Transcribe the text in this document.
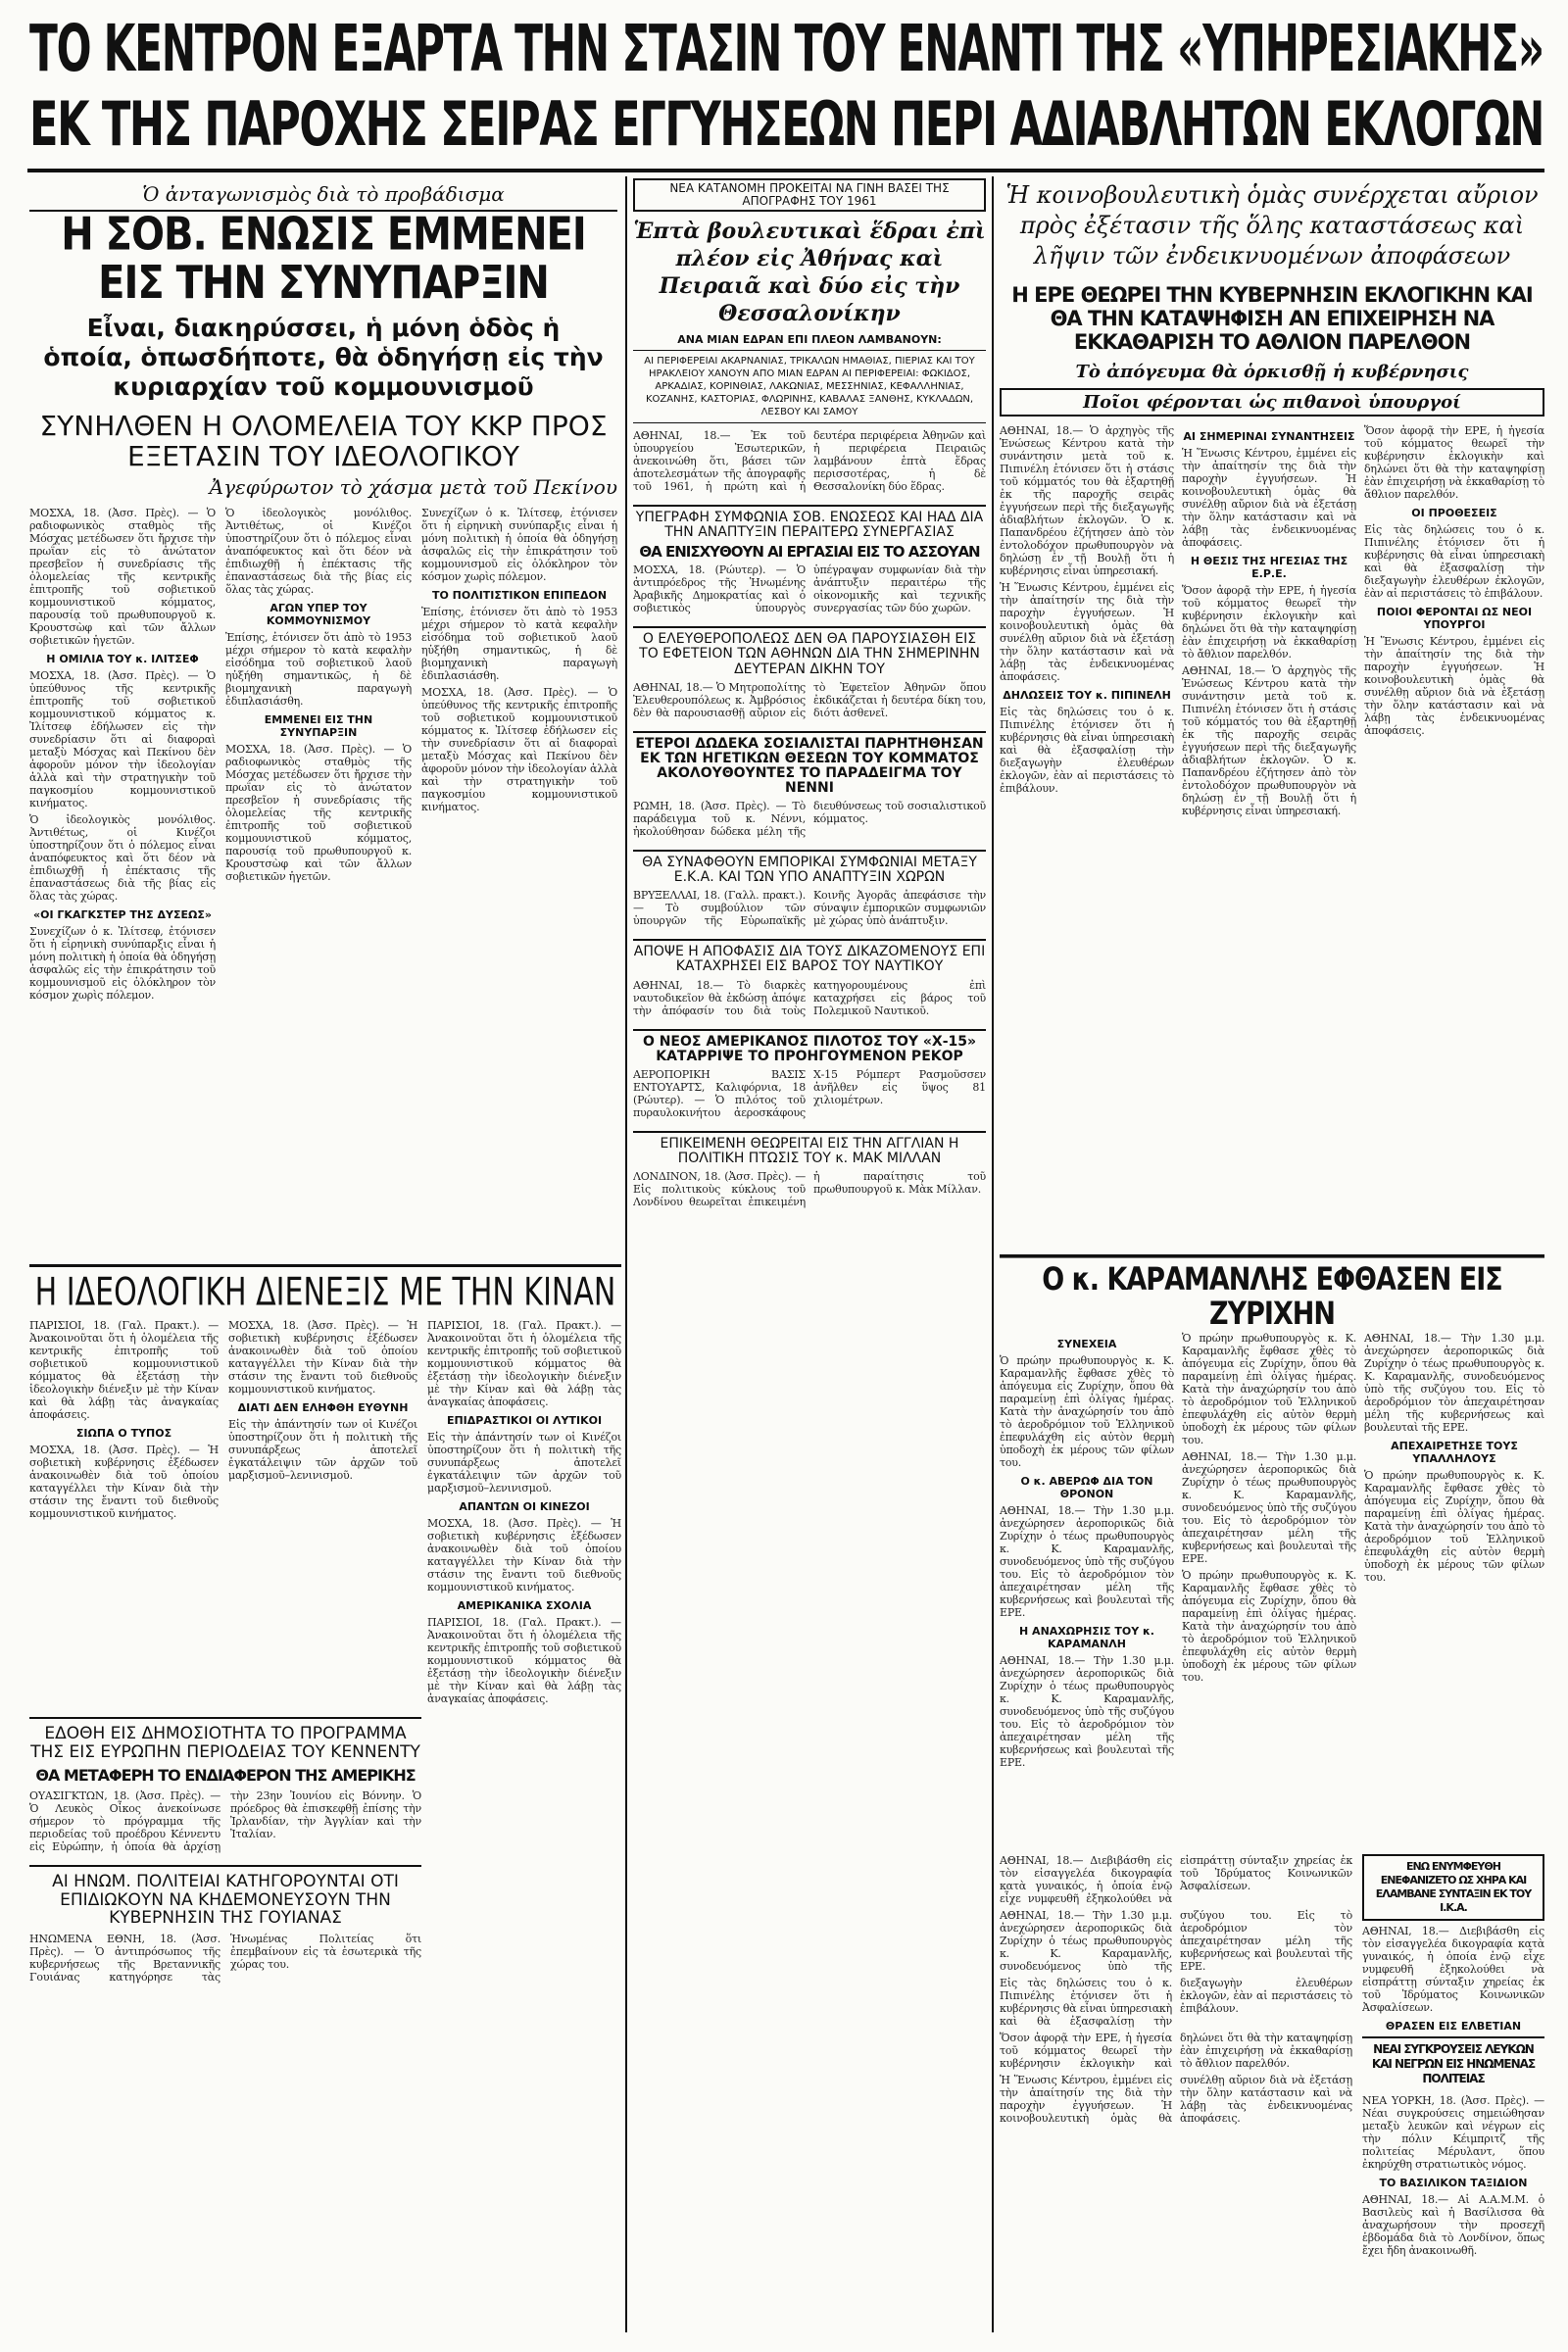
ΤΟ ΚΕΝΤΡΟΝ ΕΞΑΡΤΑ ΤΗΝ ΣΤΑΣΙΝ ΤΟΥ ΕΝΑΝΤΙ ΤΗΣ «ΥΠΗΡΕΣΙΑΚΗΣ»
ΕΚ ΤΗΣ ΠΑΡΟΧΗΣ ΣΕΙΡΑΣ ΕΓΓΥΗΣΕΩΝ ΠΕΡΙ ΑΔΙΑΒΛΗΤΩΝ ΕΚΛΟΓΩΝ
Ὁ ἀνταγωνισμὸς διὰ τὸ προβάδισμα
Η ΣΟΒ. ΕΝΩΣΙΣ ΕΜΜΕΝΕΙ ΕΙΣ ΤΗΝ ΣΥΝΥΠΑΡΞΙΝ
Εἶναι, διακηρύσσει, ἡ μόνη ὁδὸς ἡ ὁποία, ὁπωσδήποτε, θὰ ὁδηγήσῃ εἰς τὴν κυριαρχίαν τοῦ κομμουνισμοῦ
ΣΥΝΗΛΘΕΝ Η ΟΛΟΜΕΛΕΙΑ ΤΟΥ ΚΚΡ ΠΡΟΣ ΕΞΕΤΑΣΙΝ ΤΟΥ ΙΔΕΟΛΟΓΙΚΟΥ
Ἀγεφύρωτον τὸ χάσμα μετὰ τοῦ Πεκίνου
ΜΟΣΧΑ, 18. (Ἀσσ. Πρὲς). — Ὁ ραδιοφωνικὸς σταθμὸς τῆς Μόσχας μετέδωσεν ὅτι ἤρχισε τὴν πρωΐαν εἰς τὸ ἀνώτατον πρεσβεῖον ἡ συνεδρίασις τῆς ὁλομελείας τῆς κεντρικῆς ἐπιτροπῆς τοῦ σοβιετικοῦ κομμουνιστικοῦ κόμματος, παρουσίᾳ τοῦ πρωθυπουργοῦ κ. Κρουστσὼφ καὶ τῶν ἄλλων σοβιετικῶν ἡγετῶν.
Η ΟΜΙΛΙΑ ΤΟΥ κ. ΙΛΙΤΣΕΦ
ΜΟΣΧΑ, 18. (Ἀσσ. Πρὲς). — Ὁ ὑπεύθυνος τῆς κεντρικῆς ἐπιτροπῆς τοῦ σοβιετικοῦ κομμουνιστικοῦ κόμματος κ. Ἰλίτσεφ ἐδήλωσεν εἰς τὴν συνεδρίασιν ὅτι αἱ διαφοραὶ μεταξὺ Μόσχας καὶ Πεκίνου δὲν ἀφοροῦν μόνον τὴν ἰδεολογίαν ἀλλὰ καὶ τὴν στρατηγικὴν τοῦ παγκοσμίου κομμουνιστικοῦ κινήματος.
Ὁ ἰδεολογικὸς μονόλιθος. Ἀντιθέτως, οἱ Κινέζοι ὑποστηρίζουν ὅτι ὁ πόλεμος εἶναι ἀναπόφευκτος καὶ ὅτι δέον νὰ ἐπιδιωχθῇ ἡ ἐπέκτασις τῆς ἐπαναστάσεως διὰ τῆς βίας εἰς ὅλας τὰς χώρας.
«ΟΙ ΓΚΑΓΚΣΤΕΡ ΤΗΣ ΔΥΣΕΩΣ»
Συνεχίζων ὁ κ. Ἰλίτσεφ, ἐτόνισεν ὅτι ἡ εἰρηνικὴ συνύπαρξις εἶναι ἡ μόνη πολιτικὴ ἡ ὁποία θὰ ὁδηγήσῃ ἀσφαλῶς εἰς τὴν ἐπικράτησιν τοῦ κομμουνισμοῦ εἰς ὁλόκληρον τὸν κόσμον χωρὶς πόλεμον.
Ὁ ἰδεολογικὸς μονόλιθος. Ἀντιθέτως, οἱ Κινέζοι ὑποστηρίζουν ὅτι ὁ πόλεμος εἶναι ἀναπόφευκτος καὶ ὅτι δέον νὰ ἐπιδιωχθῇ ἡ ἐπέκτασις τῆς ἐπαναστάσεως διὰ τῆς βίας εἰς ὅλας τὰς χώρας.
ΑΓΩΝ ΥΠΕΡ ΤΟΥ ΚΟΜΜΟΥΝΙΣΜΟΥ
Ἐπίσης, ἐτόνισεν ὅτι ἀπὸ τὸ 1953 μέχρι σήμερον τὸ κατὰ κεφαλὴν εἰσόδημα τοῦ σοβιετικοῦ λαοῦ ηὐξήθη σημαντικῶς, ἡ δὲ βιομηχανικὴ παραγωγὴ ἐδιπλασιάσθη.
ΕΜΜΕΝΕΙ ΕΙΣ ΤΗΝ ΣΥΝΥΠΑΡΞΙΝ
ΜΟΣΧΑ, 18. (Ἀσσ. Πρὲς). — Ὁ ραδιοφωνικὸς σταθμὸς τῆς Μόσχας μετέδωσεν ὅτι ἤρχισε τὴν πρωΐαν εἰς τὸ ἀνώτατον πρεσβεῖον ἡ συνεδρίασις τῆς ὁλομελείας τῆς κεντρικῆς ἐπιτροπῆς τοῦ σοβιετικοῦ κομμουνιστικοῦ κόμματος, παρουσίᾳ τοῦ πρωθυπουργοῦ κ. Κρουστσὼφ καὶ τῶν ἄλλων σοβιετικῶν ἡγετῶν.
Συνεχίζων ὁ κ. Ἰλίτσεφ, ἐτόνισεν ὅτι ἡ εἰρηνικὴ συνύπαρξις εἶναι ἡ μόνη πολιτικὴ ἡ ὁποία θὰ ὁδηγήσῃ ἀσφαλῶς εἰς τὴν ἐπικράτησιν τοῦ κομμουνισμοῦ εἰς ὁλόκληρον τὸν κόσμον χωρὶς πόλεμον.
ΤΟ ΠΟΛΙΤΙΣΤΙΚΟΝ ΕΠΙΠΕΔΟΝ
Ἐπίσης, ἐτόνισεν ὅτι ἀπὸ τὸ 1953 μέχρι σήμερον τὸ κατὰ κεφαλὴν εἰσόδημα τοῦ σοβιετικοῦ λαοῦ ηὐξήθη σημαντικῶς, ἡ δὲ βιομηχανικὴ παραγωγὴ ἐδιπλασιάσθη.
ΜΟΣΧΑ, 18. (Ἀσσ. Πρὲς). — Ὁ ὑπεύθυνος τῆς κεντρικῆς ἐπιτροπῆς τοῦ σοβιετικοῦ κομμουνιστικοῦ κόμματος κ. Ἰλίτσεφ ἐδήλωσεν εἰς τὴν συνεδρίασιν ὅτι αἱ διαφοραὶ μεταξὺ Μόσχας καὶ Πεκίνου δὲν ἀφοροῦν μόνον τὴν ἰδεολογίαν ἀλλὰ καὶ τὴν στρατηγικὴν τοῦ παγκοσμίου κομμουνιστικοῦ κινήματος.
Η ΙΔΕΟΛΟΓΙΚΗ ΔΙΕΝΕΞΙΣ ΜΕ ΤΗΝ ΚΙΝΑΝ
ΠΑΡΙΣΙΟΙ, 18. (Γαλ. Πρακτ.). — Ἀνακοινοῦται ὅτι ἡ ὁλομέλεια τῆς κεντρικῆς ἐπιτροπῆς τοῦ σοβιετικοῦ κομμουνιστικοῦ κόμματος θὰ ἐξετάσῃ τὴν ἰδεολογικὴν διένεξιν μὲ τὴν Κίναν καὶ θὰ λάβῃ τὰς ἀναγκαίας ἀποφάσεις.
ΣΙΩΠΑ Ο ΤΥΠΟΣ
ΜΟΣΧΑ, 18. (Ἀσσ. Πρὲς). — Ἡ σοβιετικὴ κυβέρνησις ἐξέδωσεν ἀνακοινωθὲν διὰ τοῦ ὁποίου καταγγέλλει τὴν Κίναν διὰ τὴν στάσιν της ἔναντι τοῦ διεθνοῦς κομμουνιστικοῦ κινήματος.
ΜΟΣΧΑ, 18. (Ἀσσ. Πρὲς). — Ἡ σοβιετικὴ κυβέρνησις ἐξέδωσεν ἀνακοινωθὲν διὰ τοῦ ὁποίου καταγγέλλει τὴν Κίναν διὰ τὴν στάσιν της ἔναντι τοῦ διεθνοῦς κομμουνιστικοῦ κινήματος.
ΔΙΑΤΙ ΔΕΝ ΕΛΗΦΘΗ ΕΥΘΥΝΗ
Εἰς τὴν ἀπάντησίν των οἱ Κινέζοι ὑποστηρίζουν ὅτι ἡ πολιτικὴ τῆς συνυπάρξεως ἀποτελεῖ ἐγκατάλειψιν τῶν ἀρχῶν τοῦ μαρξισμοῦ–λενινισμοῦ.
ΠΑΡΙΣΙΟΙ, 18. (Γαλ. Πρακτ.). — Ἀνακοινοῦται ὅτι ἡ ὁλομέλεια τῆς κεντρικῆς ἐπιτροπῆς τοῦ σοβιετικοῦ κομμουνιστικοῦ κόμματος θὰ ἐξετάσῃ τὴν ἰδεολογικὴν διένεξιν μὲ τὴν Κίναν καὶ θὰ λάβῃ τὰς ἀναγκαίας ἀποφάσεις.
ΕΠΙΔΡΑΣΤΙΚΟΙ ΟΙ ΛΥΤΙΚΟΙ
Εἰς τὴν ἀπάντησίν των οἱ Κινέζοι ὑποστηρίζουν ὅτι ἡ πολιτικὴ τῆς συνυπάρξεως ἀποτελεῖ ἐγκατάλειψιν τῶν ἀρχῶν τοῦ μαρξισμοῦ–λενινισμοῦ.
ΑΠΑΝΤΩΝ ΟΙ ΚΙΝΕΖΟΙ
ΜΟΣΧΑ, 18. (Ἀσσ. Πρὲς). — Ἡ σοβιετικὴ κυβέρνησις ἐξέδωσεν ἀνακοινωθὲν διὰ τοῦ ὁποίου καταγγέλλει τὴν Κίναν διὰ τὴν στάσιν της ἔναντι τοῦ διεθνοῦς κομμουνιστικοῦ κινήματος.
ΑΜΕΡΙΚΑΝΙΚΑ ΣΧΟΛΙΑ
ΠΑΡΙΣΙΟΙ, 18. (Γαλ. Πρακτ.). — Ἀνακοινοῦται ὅτι ἡ ὁλομέλεια τῆς κεντρικῆς ἐπιτροπῆς τοῦ σοβιετικοῦ κομμουνιστικοῦ κόμματος θὰ ἐξετάσῃ τὴν ἰδεολογικὴν διένεξιν μὲ τὴν Κίναν καὶ θὰ λάβῃ τὰς ἀναγκαίας ἀποφάσεις.
ΕΔΟΘΗ ΕΙΣ ΔΗΜΟΣΙΟΤΗΤΑ ΤΟ ΠΡΟΓΡΑΜΜΑ ΤΗΣ ΕΙΣ ΕΥΡΩΠΗΝ ΠΕΡΙΟΔΕΙΑΣ ΤΟΥ ΚΕΝΝΕΝΤΥ
ΘΑ ΜΕΤΑΦΕΡΗ ΤΟ ΕΝΔΙΑΦΕΡΟΝ ΤΗΣ ΑΜΕΡΙΚΗΣ
ΟΥΑΣΙΓΚΤΩΝ, 18. (Ἀσσ. Πρὲς). — Ὁ Λευκὸς Οἶκος ἀνεκοίνωσε σήμερον τὸ πρόγραμμα τῆς περιοδείας τοῦ προέδρου Κέννεντυ εἰς Εὐρώπην, ἡ ὁποία θὰ ἀρχίσῃ τὴν 23ην Ἰουνίου εἰς Βόννην. Ὁ πρόεδρος θὰ ἐπισκεφθῇ ἐπίσης τὴν Ἰρλανδίαν, τὴν Ἀγγλίαν καὶ τὴν Ἰταλίαν.
ΑΙ ΗΝΩΜ. ΠΟΛΙΤΕΙΑΙ ΚΑΤΗΓΟΡΟΥΝΤΑΙ ΟΤΙ ΕΠΙΔΙΩΚΟΥΝ ΝΑ ΚΗΔΕΜΟΝΕΥΣΟΥΝ ΤΗΝ ΚΥΒΕΡΝΗΣΙΝ ΤΗΣ ΓΟΥΙΑΝΑΣ
ΗΝΩΜΕΝΑ ΕΘΝΗ, 18. (Ἀσσ. Πρὲς). — Ὁ ἀντιπρόσωπος τῆς κυβερνήσεως τῆς Βρεταννικῆς Γουιάνας κατηγόρησε τὰς Ἡνωμένας Πολιτείας ὅτι ἐπεμβαίνουν εἰς τὰ ἐσωτερικὰ τῆς χώρας του.
ΝΕΑ ΚΑΤΑΝΟΜΗ ΠΡΟΚΕΙΤΑΙ ΝΑ ΓΙΝΗ ΒΑΣΕΙ ΤΗΣ ΑΠΟΓΡΑΦΗΣ ΤΟΥ 1961
Ἑπτὰ βουλευτικαὶ ἕδραι ἐπὶ πλέον εἰς Ἀθήνας καὶ Πειραιᾶ καὶ δύο εἰς τὴν Θεσσαλονίκην
ΑΝΑ ΜΙΑΝ ΕΔΡΑΝ ΕΠΙ ΠΛΕΟΝ ΛΑΜΒΑΝΟΥΝ:
ΑΙ ΠΕΡΙΦΕΡΕΙΑΙ ΑΚΑΡΝΑΝΙΑΣ, ΤΡΙΚΑΛΩΝ ΗΜΑΘΙΑΣ, ΠΙΕΡΙΑΣ ΚΑΙ ΤΟΥ ΗΡΑΚΛΕΙΟΥ ΧΑΝΟΥΝ ΑΠΟ ΜΙΑΝ ΕΔΡΑΝ ΑΙ ΠΕΡΙΦΕΡΕΙΑΙ: ΦΩΚΙΔΟΣ, ΑΡΚΑΔΙΑΣ, ΚΟΡΙΝΘΙΑΣ, ΛΑΚΩΝΙΑΣ, ΜΕΣΣΗΝΙΑΣ, ΚΕΦΑΛΛΗΝΙΑΣ, ΚΟΖΑΝΗΣ, ΚΑΣΤΟΡΙΑΣ, ΦΛΩΡΙΝΗΣ, ΚΑΒΑΛΑΣ ΞΑΝΘΗΣ, ΚΥΚΛΑΔΩΝ, ΛΕΣΒΟΥ ΚΑΙ ΣΑΜΟΥ
ΑΘΗΝΑΙ, 18.— Ἐκ τοῦ ὑπουργείου Ἐσωτερικῶν, ἀνεκοινώθη ὅτι, βάσει τῶν ἀποτελεσμάτων τῆς ἀπογραφῆς τοῦ 1961, ἡ πρώτη καὶ ἡ δευτέρα περιφέρεια Ἀθηνῶν καὶ ἡ περιφέρεια Πειραιῶς λαμβάνουν ἑπτὰ ἕδρας περισσοτέρας, ἡ δὲ Θεσσαλονίκη δύο ἕδρας.
ΥΠΕΓΡΑΦΗ ΣΥΜΦΩΝΙΑ ΣΟΒ. ΕΝΩΣΕΩΣ ΚΑΙ ΗΑΔ ΔΙΑ ΤΗΝ ΑΝΑΠΤΥΞΙΝ ΠΕΡΑΙΤΕΡΩ ΣΥΝΕΡΓΑΣΙΑΣ
ΘΑ ΕΝΙΣΧΥΘΟΥΝ ΑΙ ΕΡΓΑΣΙΑΙ ΕΙΣ ΤΟ ΑΣΣΟΥΑΝ
ΜΟΣΧΑ, 18. (Ρώυτερ). — Ὁ ἀντιπρόεδρος τῆς Ἡνωμένης Ἀραβικῆς Δημοκρατίας καὶ ὁ σοβιετικὸς ὑπουργὸς ὑπέγραψαν συμφωνίαν διὰ τὴν ἀνάπτυξιν περαιτέρω τῆς οἰκονομικῆς καὶ τεχνικῆς συνεργασίας τῶν δύο χωρῶν.
Ο ΕΛΕΥΘΕΡΟΠΟΛΕΩΣ ΔΕΝ ΘΑ ΠΑΡΟΥΣΙΑΣΘΗ ΕΙΣ ΤΟ ΕΦΕΤΕΙΟΝ ΤΩΝ ΑΘΗΝΩΝ ΔΙΑ ΤΗΝ ΣΗΜΕΡΙΝΗΝ ΔΕΥΤΕΡΑΝ ΔΙΚΗΝ ΤΟΥ
ΑΘΗΝΑΙ, 18.— Ὁ Μητροπολίτης Ἐλευθερουπόλεως κ. Ἀμβρόσιος δὲν θὰ παρουσιασθῇ αὔριον εἰς τὸ Ἐφετεῖον Ἀθηνῶν ὅπου ἐκδικάζεται ἡ δευτέρα δίκη του, διότι ἀσθενεῖ.
ΕΤΕΡΟΙ ΔΩΔΕΚΑ ΣΟΣΙΑΛΙΣΤΑΙ ΠΑΡΗΤΗΘΗΣΑΝ ΕΚ ΤΩΝ ΗΓΕΤΙΚΩΝ ΘΕΣΕΩΝ ΤΟΥ ΚΟΜΜΑΤΟΣ ΑΚΟΛΟΥΘΟΥΝΤΕΣ ΤΟ ΠΑΡΑΔΕΙΓΜΑ ΤΟΥ ΝΕΝΝΙ
ΡΩΜΗ, 18. (Ἀσσ. Πρὲς). — Τὸ παράδειγμα τοῦ κ. Νέννι, ἠκολούθησαν δώδεκα μέλη τῆς διευθύνσεως τοῦ σοσιαλιστικοῦ κόμματος.
ΘΑ ΣΥΝΑΦΘΟΥΝ ΕΜΠΟΡΙΚΑΙ ΣΥΜΦΩΝΙΑΙ ΜΕΤΑΞΥ Ε.Κ.Α. ΚΑΙ ΤΩΝ ΥΠΟ ΑΝΑΠΤΥΞΙΝ ΧΩΡΩΝ
ΒΡΥΞΕΛΛΑΙ, 18. (Γαλλ. πρακτ.). — Τὸ συμβούλιον τῶν ὑπουργῶν τῆς Εὐρωπαϊκῆς Κοινῆς Ἀγορᾶς ἀπεφάσισε τὴν σύναψιν ἐμπορικῶν συμφωνιῶν μὲ χώρας ὑπὸ ἀνάπτυξιν.
ΑΠΟΨΕ Η ΑΠΟΦΑΣΙΣ ΔΙΑ ΤΟΥΣ ΔΙΚΑΖΟΜΕΝΟΥΣ ΕΠΙ ΚΑΤΑΧΡΗΣΕΙ ΕΙΣ ΒΑΡΟΣ ΤΟΥ ΝΑΥΤΙΚΟΥ
ΑΘΗΝΑΙ, 18.— Τὸ διαρκὲς ναυτοδικεῖον θὰ ἐκδώσῃ ἀπόψε τὴν ἀπόφασίν του διὰ τοὺς κατηγορουμένους ἐπὶ καταχρήσει εἰς βάρος τοῦ Πολεμικοῦ Ναυτικοῦ.
Ο ΝΕΟΣ ΑΜΕΡΙΚΑΝΟΣ ΠΙΛΟΤΟΣ ΤΟΥ «Χ-15» ΚΑΤΑΡΡΙΨΕ ΤΟ ΠΡΟΗΓΟΥΜΕΝΟΝ ΡΕΚΟΡ
ΑΕΡΟΠΟΡΙΚΗ ΒΑΣΙΣ ΕΝΤΟΥΑΡΤΣ, Καλιφόρνια, 18 (Ρώυτερ). — Ὁ πιλότος τοῦ πυραυλοκινήτου ἀεροσκάφους Χ-15 Ρόμπερτ Ρασμοῦσσεν ἀνῆλθεν εἰς ὕψος 81 χιλιομέτρων.
ΕΠΙΚΕΙΜΕΝΗ ΘΕΩΡΕΙΤΑΙ ΕΙΣ ΤΗΝ ΑΓΓΛΙΑΝ Η ΠΟΛΙΤΙΚΗ ΠΤΩΣΙΣ ΤΟΥ κ. ΜΑΚ ΜΙΛΛΑΝ
ΛΟΝΔΙΝΟΝ, 18. (Ἀσσ. Πρὲς). — Εἰς πολιτικοὺς κύκλους τοῦ Λονδίνου θεωρεῖται ἐπικειμένη ἡ παραίτησις τοῦ πρωθυπουργοῦ κ. Μὰκ Μίλλαν.
Ἡ κοινοβουλευτικὴ ὁμὰς συνέρχεται αὔριον πρὸς ἐξέτασιν τῆς ὅλης καταστάσεως καὶ λῆψιν τῶν ἐνδεικνυομένων ἀποφάσεων
Η ΕΡΕ ΘΕΩΡΕΙ ΤΗΝ ΚΥΒΕΡΝΗΣΙΝ ΕΚΛΟΓΙΚΗΝ ΚΑΙ ΘΑ ΤΗΝ ΚΑΤΑΨΗΦΙΣΗ ΑΝ ΕΠΙΧΕΙΡΗΣΗ ΝΑ ΕΚΚΑΘΑΡΙΣΗ ΤΟ ΑΘΛΙΟΝ ΠΑΡΕΛΘΟΝ
Τὸ ἀπόγευμα θὰ ὁρκισθῇ ἡ κυβέρνησις
Ποῖοι φέρονται ὡς πιθανοὶ ὑπουργοί
ΑΘΗΝΑΙ, 18.— Ὁ ἀρχηγὸς τῆς Ἑνώσεως Κέντρου κατὰ τὴν συνάντησιν μετὰ τοῦ κ. Πιπινέλη ἐτόνισεν ὅτι ἡ στάσις τοῦ κόμματός του θὰ ἐξαρτηθῇ ἐκ τῆς παροχῆς σειρᾶς ἐγγυήσεων περὶ τῆς διεξαγωγῆς ἀδιαβλήτων ἐκλογῶν. Ὁ κ. Παπανδρέου ἐζήτησεν ἀπὸ τὸν ἐντολοδόχον πρωθυπουργὸν νὰ δηλώσῃ ἐν τῇ Βουλῇ ὅτι ἡ κυβέρνησις εἶναι ὑπηρεσιακή.
Ἡ Ἕνωσις Κέντρου, ἐμμένει εἰς τὴν ἀπαίτησίν της διὰ τὴν παροχὴν ἐγγυήσεων. Ἡ κοινοβουλευτικὴ ὁμὰς θὰ συνέλθῃ αὔριον διὰ νὰ ἐξετάσῃ τὴν ὅλην κατάστασιν καὶ νὰ λάβῃ τὰς ἐνδεικνυομένας ἀποφάσεις.
ΔΗΛΩΣΕΙΣ ΤΟΥ κ. ΠΙΠΙΝΕΛΗ
Εἰς τὰς δηλώσεις του ὁ κ. Πιπινέλης ἐτόνισεν ὅτι ἡ κυβέρνησις θὰ εἶναι ὑπηρεσιακὴ καὶ θὰ ἐξασφαλίσῃ τὴν διεξαγωγὴν ἐλευθέρων ἐκλογῶν, ἐὰν αἱ περιστάσεις τὸ ἐπιβάλουν.
ΑΙ ΣΗΜΕΡΙΝΑΙ ΣΥΝΑΝΤΗΣΕΙΣ
Ἡ Ἕνωσις Κέντρου, ἐμμένει εἰς τὴν ἀπαίτησίν της διὰ τὴν παροχὴν ἐγγυήσεων. Ἡ κοινοβουλευτικὴ ὁμὰς θὰ συνέλθῃ αὔριον διὰ νὰ ἐξετάσῃ τὴν ὅλην κατάστασιν καὶ νὰ λάβῃ τὰς ἐνδεικνυομένας ἀποφάσεις.
Η ΘΕΣΙΣ ΤΗΣ ΗΓΕΣΙΑΣ ΤΗΣ Ε.Ρ.Ε.
Ὅσον ἀφορᾷ τὴν ΕΡΕ, ἡ ἡγεσία τοῦ κόμματος θεωρεῖ τὴν κυβέρνησιν ἐκλογικὴν καὶ δηλώνει ὅτι θὰ τὴν καταψηφίσῃ ἐὰν ἐπιχειρήσῃ νὰ ἐκκαθαρίσῃ τὸ ἄθλιον παρελθόν.
ΑΘΗΝΑΙ, 18.— Ὁ ἀρχηγὸς τῆς Ἑνώσεως Κέντρου κατὰ τὴν συνάντησιν μετὰ τοῦ κ. Πιπινέλη ἐτόνισεν ὅτι ἡ στάσις τοῦ κόμματός του θὰ ἐξαρτηθῇ ἐκ τῆς παροχῆς σειρᾶς ἐγγυήσεων περὶ τῆς διεξαγωγῆς ἀδιαβλήτων ἐκλογῶν. Ὁ κ. Παπανδρέου ἐζήτησεν ἀπὸ τὸν ἐντολοδόχον πρωθυπουργὸν νὰ δηλώσῃ ἐν τῇ Βουλῇ ὅτι ἡ κυβέρνησις εἶναι ὑπηρεσιακή.
Ὅσον ἀφορᾷ τὴν ΕΡΕ, ἡ ἡγεσία τοῦ κόμματος θεωρεῖ τὴν κυβέρνησιν ἐκλογικὴν καὶ δηλώνει ὅτι θὰ τὴν καταψηφίσῃ ἐὰν ἐπιχειρήσῃ νὰ ἐκκαθαρίσῃ τὸ ἄθλιον παρελθόν.
ΟΙ ΠΡΟΘΕΣΕΙΣ
Εἰς τὰς δηλώσεις του ὁ κ. Πιπινέλης ἐτόνισεν ὅτι ἡ κυβέρνησις θὰ εἶναι ὑπηρεσιακὴ καὶ θὰ ἐξασφαλίσῃ τὴν διεξαγωγὴν ἐλευθέρων ἐκλογῶν, ἐὰν αἱ περιστάσεις τὸ ἐπιβάλουν.
ΠΟΙΟΙ ΦΕΡΟΝΤΑΙ ΩΣ ΝΕΟΙ ΥΠΟΥΡΓΟΙ
Ἡ Ἕνωσις Κέντρου, ἐμμένει εἰς τὴν ἀπαίτησίν της διὰ τὴν παροχὴν ἐγγυήσεων. Ἡ κοινοβουλευτικὴ ὁμὰς θὰ συνέλθῃ αὔριον διὰ νὰ ἐξετάσῃ τὴν ὅλην κατάστασιν καὶ νὰ λάβῃ τὰς ἐνδεικνυομένας ἀποφάσεις.
Ο κ. ΚΑΡΑΜΑΝΛΗΣ ΕΦΘΑΣΕΝ ΕΙΣ ΖΥΡΙΧΗΝ
ΣΥΝΕΧΕΙΑ
Ὁ πρώην πρωθυπουργὸς κ. Κ. Καραμανλῆς ἔφθασε χθὲς τὸ ἀπόγευμα εἰς Ζυρίχην, ὅπου θὰ παραμείνῃ ἐπὶ ὀλίγας ἡμέρας. Κατὰ τὴν ἀναχώρησίν του ἀπὸ τὸ ἀεροδρόμιον τοῦ Ἑλληνικοῦ ἐπεφυλάχθη εἰς αὐτὸν θερμὴ ὑποδοχὴ ἐκ μέρους τῶν φίλων του.
Ο κ. ΑΒΕΡΩΦ ΔΙΑ ΤΟΝ ΘΡΟΝΟΝ
ΑΘΗΝΑΙ, 18.— Τὴν 1.30 μ.μ. ἀνεχώρησεν ἀεροπορικῶς διὰ Ζυρίχην ὁ τέως πρωθυπουργὸς κ. Κ. Καραμανλῆς, συνοδευόμενος ὑπὸ τῆς συζύγου του. Εἰς τὸ ἀεροδρόμιον τὸν ἀπεχαιρέτησαν μέλη τῆς κυβερνήσεως καὶ βουλευταὶ τῆς ΕΡΕ.
Η ΑΝΑΧΩΡΗΣΙΣ ΤΟΥ κ. ΚΑΡΑΜΑΝΛΗ
ΑΘΗΝΑΙ, 18.— Τὴν 1.30 μ.μ. ἀνεχώρησεν ἀεροπορικῶς διὰ Ζυρίχην ὁ τέως πρωθυπουργὸς κ. Κ. Καραμανλῆς, συνοδευόμενος ὑπὸ τῆς συζύγου του. Εἰς τὸ ἀεροδρόμιον τὸν ἀπεχαιρέτησαν μέλη τῆς κυβερνήσεως καὶ βουλευταὶ τῆς ΕΡΕ.
Ὁ πρώην πρωθυπουργὸς κ. Κ. Καραμανλῆς ἔφθασε χθὲς τὸ ἀπόγευμα εἰς Ζυρίχην, ὅπου θὰ παραμείνῃ ἐπὶ ὀλίγας ἡμέρας. Κατὰ τὴν ἀναχώρησίν του ἀπὸ τὸ ἀεροδρόμιον τοῦ Ἑλληνικοῦ ἐπεφυλάχθη εἰς αὐτὸν θερμὴ ὑποδοχὴ ἐκ μέρους τῶν φίλων του.
ΑΘΗΝΑΙ, 18.— Τὴν 1.30 μ.μ. ἀνεχώρησεν ἀεροπορικῶς διὰ Ζυρίχην ὁ τέως πρωθυπουργὸς κ. Κ. Καραμανλῆς, συνοδευόμενος ὑπὸ τῆς συζύγου του. Εἰς τὸ ἀεροδρόμιον τὸν ἀπεχαιρέτησαν μέλη τῆς κυβερνήσεως καὶ βουλευταὶ τῆς ΕΡΕ.
Ὁ πρώην πρωθυπουργὸς κ. Κ. Καραμανλῆς ἔφθασε χθὲς τὸ ἀπόγευμα εἰς Ζυρίχην, ὅπου θὰ παραμείνῃ ἐπὶ ὀλίγας ἡμέρας. Κατὰ τὴν ἀναχώρησίν του ἀπὸ τὸ ἀεροδρόμιον τοῦ Ἑλληνικοῦ ἐπεφυλάχθη εἰς αὐτὸν θερμὴ ὑποδοχὴ ἐκ μέρους τῶν φίλων του.
ΑΘΗΝΑΙ, 18.— Τὴν 1.30 μ.μ. ἀνεχώρησεν ἀεροπορικῶς διὰ Ζυρίχην ὁ τέως πρωθυπουργὸς κ. Κ. Καραμανλῆς, συνοδευόμενος ὑπὸ τῆς συζύγου του. Εἰς τὸ ἀεροδρόμιον τὸν ἀπεχαιρέτησαν μέλη τῆς κυβερνήσεως καὶ βουλευταὶ τῆς ΕΡΕ.
ΑΠΕΧΑΙΡΕΤΗΣΕ ΤΟΥΣ ΥΠΑΛΛΗΛΟΥΣ
Ὁ πρώην πρωθυπουργὸς κ. Κ. Καραμανλῆς ἔφθασε χθὲς τὸ ἀπόγευμα εἰς Ζυρίχην, ὅπου θὰ παραμείνῃ ἐπὶ ὀλίγας ἡμέρας. Κατὰ τὴν ἀναχώρησίν του ἀπὸ τὸ ἀεροδρόμιον τοῦ Ἑλληνικοῦ ἐπεφυλάχθη εἰς αὐτὸν θερμὴ ὑποδοχὴ ἐκ μέρους τῶν φίλων του.
ΕΝΩ ΕΝΥΜΦΕΥΘΗ ΕΝΕΦΑΝΙΖΕΤΟ ΩΣ ΧΗΡΑ ΚΑΙ ΕΛΑΜΒΑΝΕ ΣΥΝΤΑΞΙΝ ΕΚ ΤΟΥ Ι.Κ.Α.
ΑΘΗΝΑΙ, 18.— Διεβιβάσθη εἰς τὸν εἰσαγγελέα δικογραφία κατὰ γυναικός, ἡ ὁποία ἐνῷ εἶχε νυμφευθῆ ἐξηκολούθει νὰ εἰσπράττῃ σύνταξιν χηρείας ἐκ τοῦ Ἱδρύματος Κοινωνικῶν Ἀσφαλίσεων.
ΘΡΑΣΕΝ ΕΙΣ ΕΛΒΕΤΙΑΝ
ΝΕΑΙ ΣΥΓΚΡΟΥΣΕΙΣ ΛΕΥΚΩΝ ΚΑΙ ΝΕΓΡΩΝ ΕΙΣ ΗΝΩΜΕΝΑΣ ΠΟΛΙΤΕΙΑΣ
ΝΕΑ ΥΟΡΚΗ, 18. (Ἀσσ. Πρὲς). — Νέαι συγκρούσεις σημειώθησαν μεταξὺ λευκῶν καὶ νέγρων εἰς τὴν πόλιν Κέιμπριτζ τῆς πολιτείας Μέρυλαντ, ὅπου ἐκηρύχθη στρατιωτικὸς νόμος.
ΤΟ ΒΑΣΙΛΙΚΟΝ ΤΑΞΙΔΙΟΝ
ΑΘΗΝΑΙ, 18.— Αἱ Α.Α.Μ.Μ. ὁ Βασιλεὺς καὶ ἡ Βασίλισσα θὰ ἀναχωρήσουν τὴν προσεχῆ ἑβδομάδα διὰ τὸ Λονδίνον, ὅπως ἔχει ἤδη ἀνακοινωθῆ.
ΑΘΗΝΑΙ, 18.— Διεβιβάσθη εἰς τὸν εἰσαγγελέα δικογραφία κατὰ γυναικός, ἡ ὁποία ἐνῷ εἶχε νυμφευθῆ ἐξηκολούθει νὰ εἰσπράττῃ σύνταξιν χηρείας ἐκ τοῦ Ἱδρύματος Κοινωνικῶν Ἀσφαλίσεων.
ΑΘΗΝΑΙ, 18.— Τὴν 1.30 μ.μ. ἀνεχώρησεν ἀεροπορικῶς διὰ Ζυρίχην ὁ τέως πρωθυπουργὸς κ. Κ. Καραμανλῆς, συνοδευόμενος ὑπὸ τῆς συζύγου του. Εἰς τὸ ἀεροδρόμιον τὸν ἀπεχαιρέτησαν μέλη τῆς κυβερνήσεως καὶ βουλευταὶ τῆς ΕΡΕ.
Εἰς τὰς δηλώσεις του ὁ κ. Πιπινέλης ἐτόνισεν ὅτι ἡ κυβέρνησις θὰ εἶναι ὑπηρεσιακὴ καὶ θὰ ἐξασφαλίσῃ τὴν διεξαγωγὴν ἐλευθέρων ἐκλογῶν, ἐὰν αἱ περιστάσεις τὸ ἐπιβάλουν.
Ὅσον ἀφορᾷ τὴν ΕΡΕ, ἡ ἡγεσία τοῦ κόμματος θεωρεῖ τὴν κυβέρνησιν ἐκλογικὴν καὶ δηλώνει ὅτι θὰ τὴν καταψηφίσῃ ἐὰν ἐπιχειρήσῃ νὰ ἐκκαθαρίσῃ τὸ ἄθλιον παρελθόν.
Ἡ Ἕνωσις Κέντρου, ἐμμένει εἰς τὴν ἀπαίτησίν της διὰ τὴν παροχὴν ἐγγυήσεων. Ἡ κοινοβουλευτικὴ ὁμὰς θὰ συνέλθῃ αὔριον διὰ νὰ ἐξετάσῃ τὴν ὅλην κατάστασιν καὶ νὰ λάβῃ τὰς ἐνδεικνυομένας ἀποφάσεις.
